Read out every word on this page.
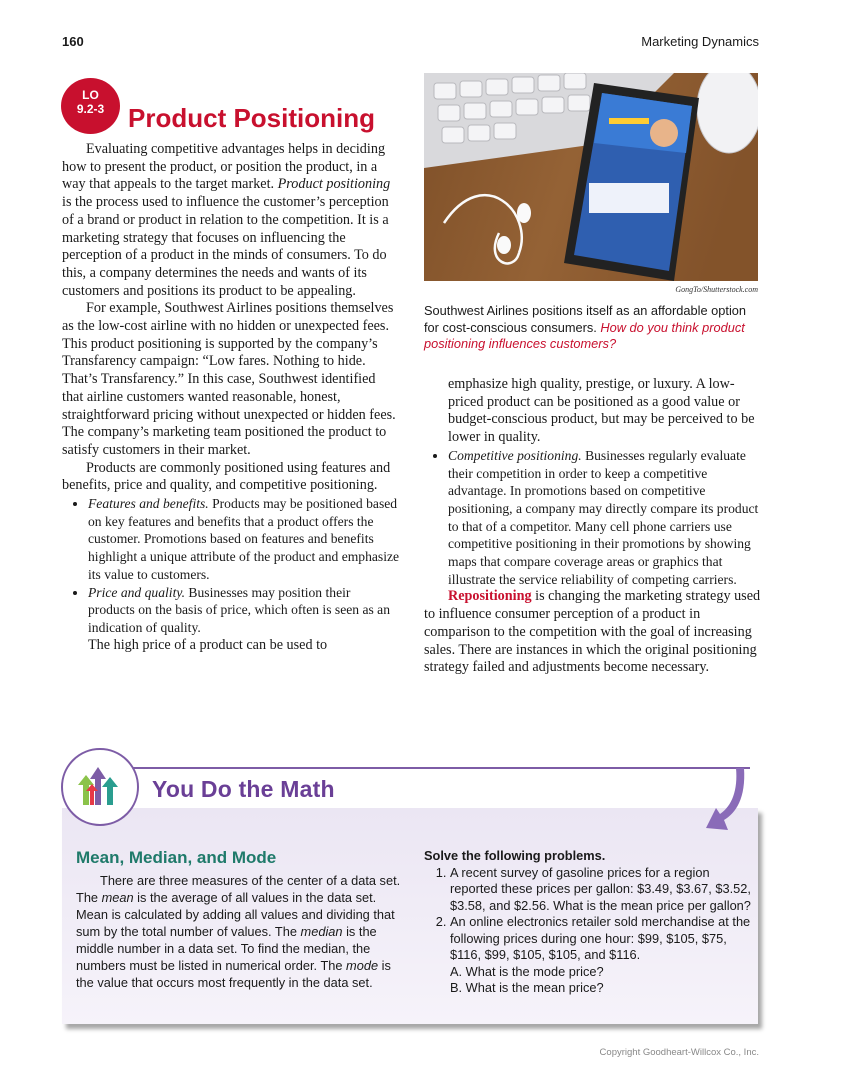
160	Marketing Dynamics
LO
9.2-3 Product Positioning

Evaluating competitive advantages helps in deciding how to present the product, or position the product, in a way that appeals to the target market. Product positioning is the process used to influence the customer’s perception of a brand or product in relation to the competition. It is a marketing strategy that focuses on influencing the perception of a product in the minds of consumers. To do this, a company determines the needs and wants of its customers and positions its product to be appealing.

For example, Southwest Airlines positions themselves as the low-cost airline with no hidden or unexpected fees. This product positioning is supported by the company’s Transfarency campaign: “Low fares. Nothing to hide. That’s Transfarency.” In this case, Southwest identified that airline customers wanted reasonable, honest, straightforward pricing without unexpected or hidden fees. The company’s marketing team positioned the product to satisfy customers in their market.

Products are commonly positioned using features and benefits, price and quality, and competitive positioning.

• Features and benefits. Products may be positioned based on key features and benefits that a product offers the customer. Promotions based on features and benefits highlight a unique attribute of the product and emphasize its value to customers.
• Price and quality. Businesses may position their products on the basis of price, which often is seen as an indication of quality.

The high price of a product can be used to

GongTo/Shutterstock.com
Southwest Airlines positions itself as an affordable option for cost-conscious consumers. How do you think product positioning influences customers?

emphasize high quality, prestige, or luxury. A low-priced product can be positioned as a good value or budget-conscious product, but may be perceived to be lower in quality.

• Competitive positioning. Businesses regularly evaluate their competition in order to keep a competitive advantage. In promotions based on competitive positioning, a company may directly compare its product to that of a competitor. Many cell phone carriers use competitive positioning in their promotions by showing maps that compare coverage areas or graphics that illustrate the service reliability of competing carriers.

Repositioning is changing the marketing strategy used to influence consumer perception of a product in comparison to the competition with the goal of increasing sales. There are instances in which the original positioning strategy failed and adjustments become necessary.

You Do the Math
Mean, Median, and Mode

There are three measures of the center of a data set. The mean is the average of all values in the data set. Mean is calculated by adding all values and dividing that sum by the total number of values. The median is the middle number in a data set. To find the median, the numbers must be listed in numerical order. The mode is the value that occurs most frequently in the data set.

Solve the following problems.
1. A recent survey of gasoline prices for a region reported these prices per gallon: $3.49, $3.67, $3.52, $3.58, and $2.56. What is the mean price per gallon?
2. An online electronics retailer sold merchandise at the following prices during one hour: $99, $105, $75, $116, $99, $105, $105, and $116.
A. What is the mode price?
B. What is the mean price?
Copyright Goodheart-Willcox Co., Inc.
